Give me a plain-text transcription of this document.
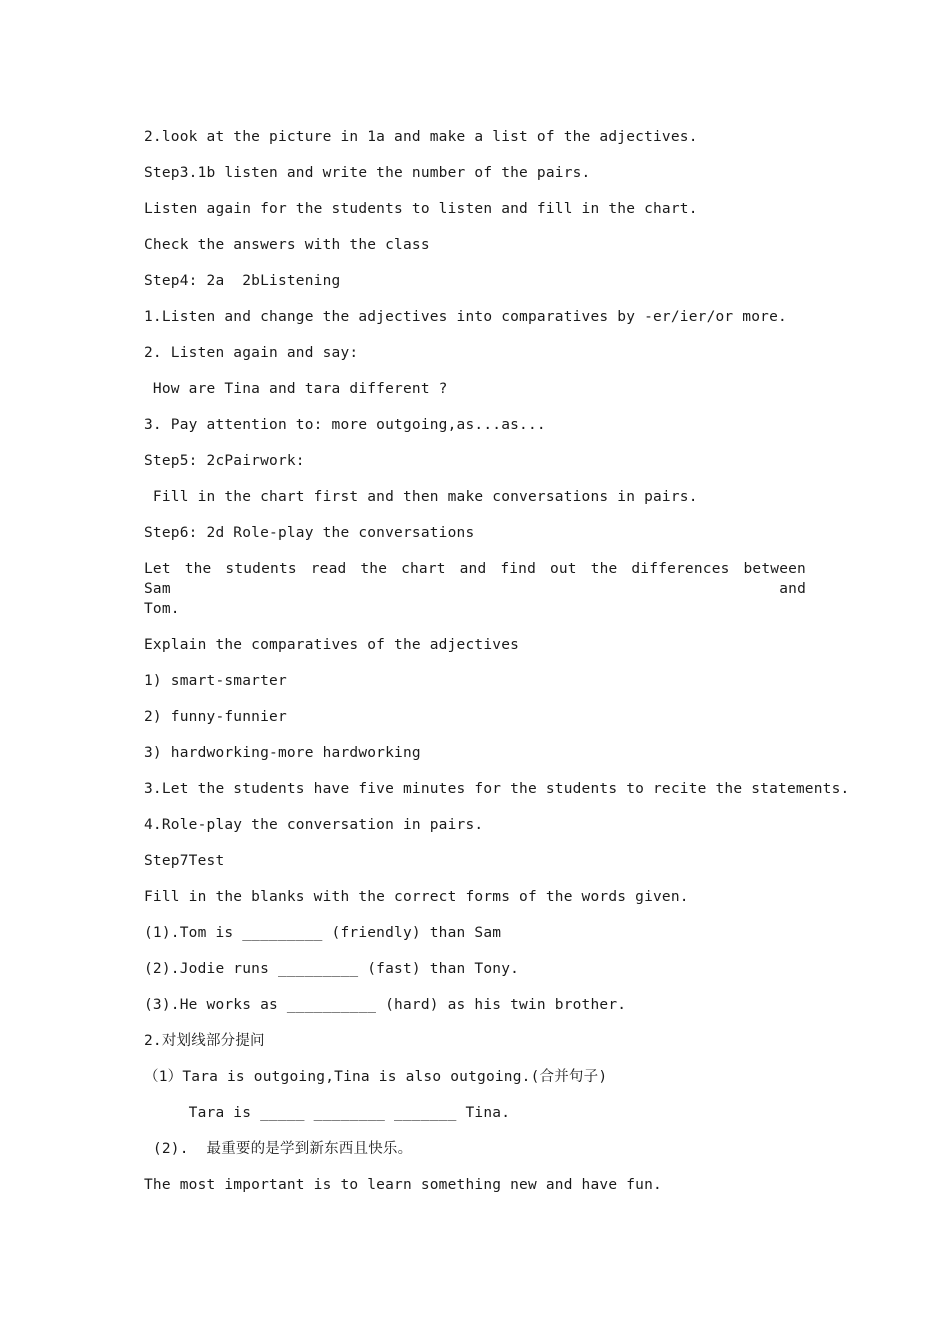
2.look at the picture in 1a and make a list of the adjectives.
Step3.1b listen and write the number of the pairs.
Listen again for the students to listen and fill in the chart.
Check the answers with the class
Step4: 2a  2bListening
1.Listen and change the adjectives into comparatives by -er/ier/or more.
2. Listen again and say:
How are Tina and tara different ?
3. Pay attention to: more outgoing,as...as...
Step5: 2cPairwork:
Fill in the chart first and then make conversations in pairs.
Step6: 2d Role-play the conversations
Let the students read the chart and find out the differences between Sam and
Tom.
Explain the comparatives of the adjectives
1) smart-smarter
2) funny-funnier
3) hardworking-more hardworking
3.Let the students have five minutes for the students to recite the statements.
4.Role-play the conversation in pairs.
Step7Test
Fill in the blanks with the correct forms of the words given.
(1).Tom is _________ (friendly) than Sam
(2).Jodie runs _________ (fast) than Tony.
(3).He works as __________ (hard) as his twin brother.
2.对划线部分提问
（1）Tara is outgoing,Tina is also outgoing.(合并句子)
Tara is _____ ________ _______ Tina.
(2).  最重要的是学到新东西且快乐。
The most important is to learn something new and have fun.
